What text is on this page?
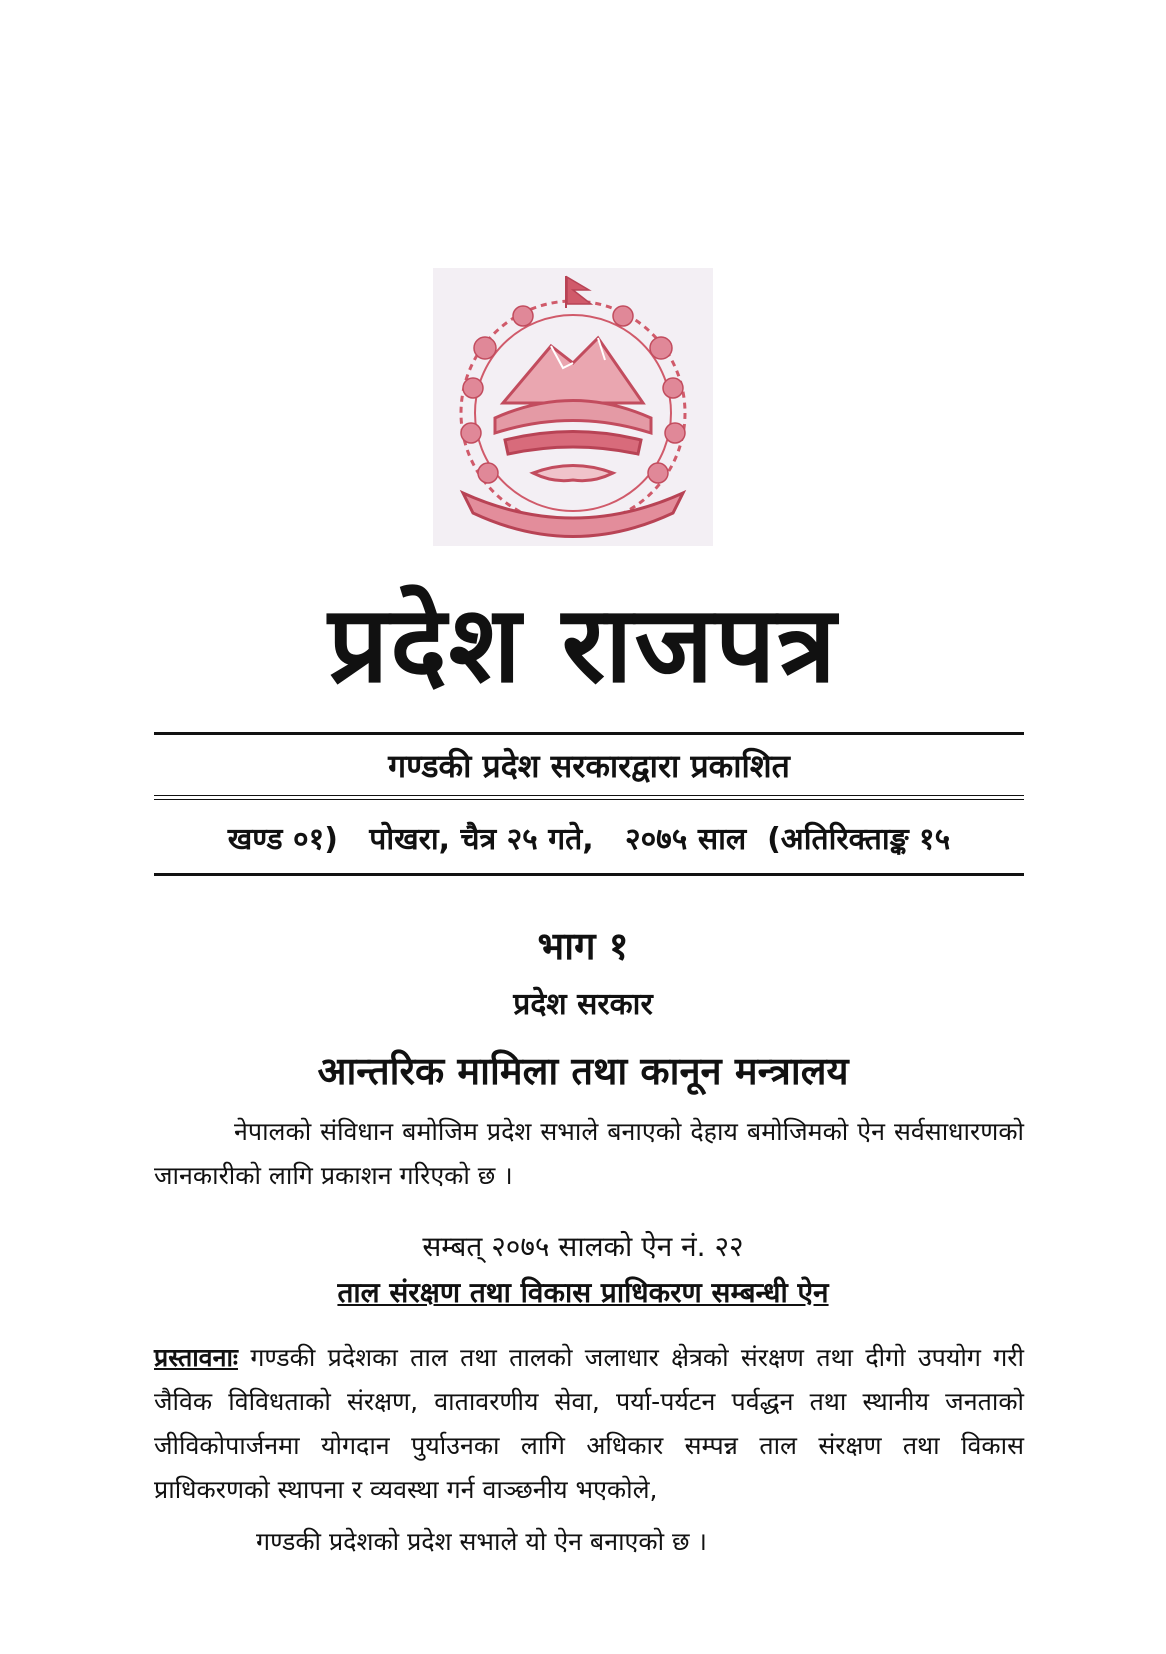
प्रदेश राजपत्र
गण्डकी प्रदेश सरकारद्वारा प्रकाशित
खण्ड ०१) पोखरा, चैत्र २५ गते, २०७५ साल (अतिरिक्ताङ्क १५
भाग १
प्रदेश सरकार
आन्तरिक मामिला तथा कानून मन्त्रालय
नेपालको संविधान बमोजिम प्रदेश सभाले बनाएको देहाय बमोजिमको ऐन सर्वसाधारणको जानकारीको लागि प्रकाशन गरिएको छ ।
सम्बत् २०७५ सालको ऐन नं. २२
ताल संरक्षण तथा विकास प्राधिकरण सम्बन्धी ऐन
प्रस्तावनाः गण्डकी प्रदेशका ताल तथा तालको जलाधार क्षेत्रको संरक्षण तथा दीगो उपयोग गरी जैविक विविधताको संरक्षण, वातावरणीय सेवा, पर्या-पर्यटन पर्वद्धन तथा स्थानीय जनताको जीविकोपार्जनमा योगदान पुर्याउनका लागि अधिकार सम्पन्न ताल संरक्षण तथा विकास प्राधिकरणको स्थापना र व्यवस्था गर्न वाञ्छनीय भएकोले,
गण्डकी प्रदेशको प्रदेश सभाले यो ऐन बनाएको छ ।
